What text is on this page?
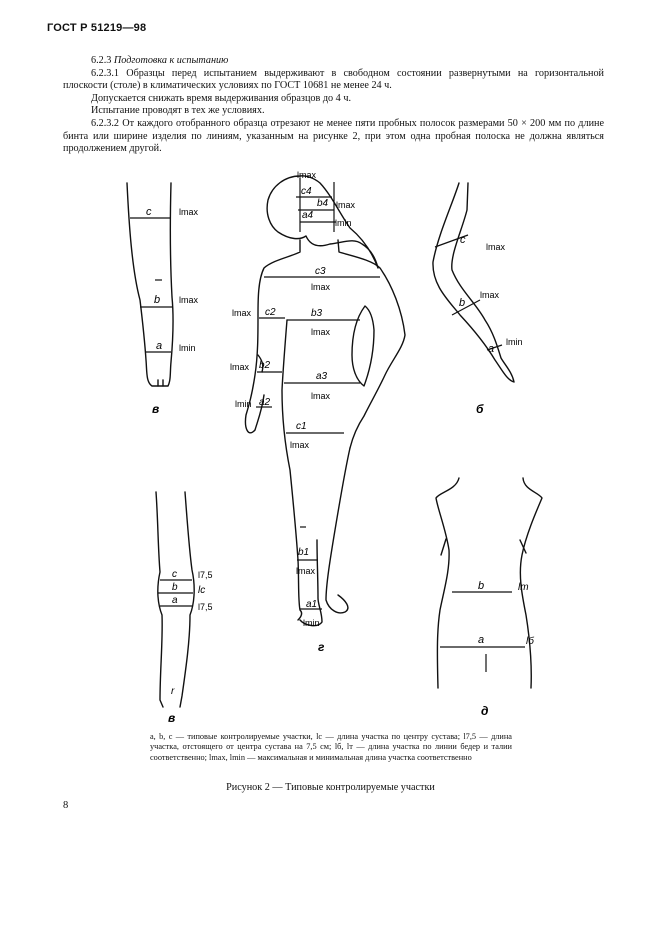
ГОСТ Р 51219—98

6.2.3 Подготовка к испытанию

6.2.3.1 Образцы перед испытанием выдерживают в свободном состоянии развернутыми на горизонтальной плоскости (столе) в климатических условиях по ГОСТ 10681 не менее 24 ч.

Допускается снижать время выдерживания образцов до 4 ч.

Испытание проводят в тех же условиях.

6.2.3.2 От каждого отобранного образца отрезают не менее пяти пробных полосок размерами 50 × 200 мм по длине бинта или ширине изделия по линиям, указанным на рисунке 2, при этом одна пробная полоска не должна являться продолжением другой.

c	lmax
b lmax
a lmin
в
c
lmax
b
lmax
a
lmin
б
lmax
c4
b4 lmax
a4
lmin
c3
lmax
lmax c2	b3
lmax
lmax b2
a3
lmax
lmin a2
c1
lmax
b1
lmax
a1
lmin
г
c l7,5
b lc
a
l7,5
r
в
b	lт
a	lб
д

a, b, c — типовые контролируемые участки, lc — длина участка по центру сустава; l7,5 — длина участка, отстоящего от центра сустава на 7,5 см; lб, lт — длина участка по линии бедер и талии соответственно; lmax, lmin — максимальная и минимальная длина участка соответственно

Рисунок 2 — Типовые контролируемые участки
8
